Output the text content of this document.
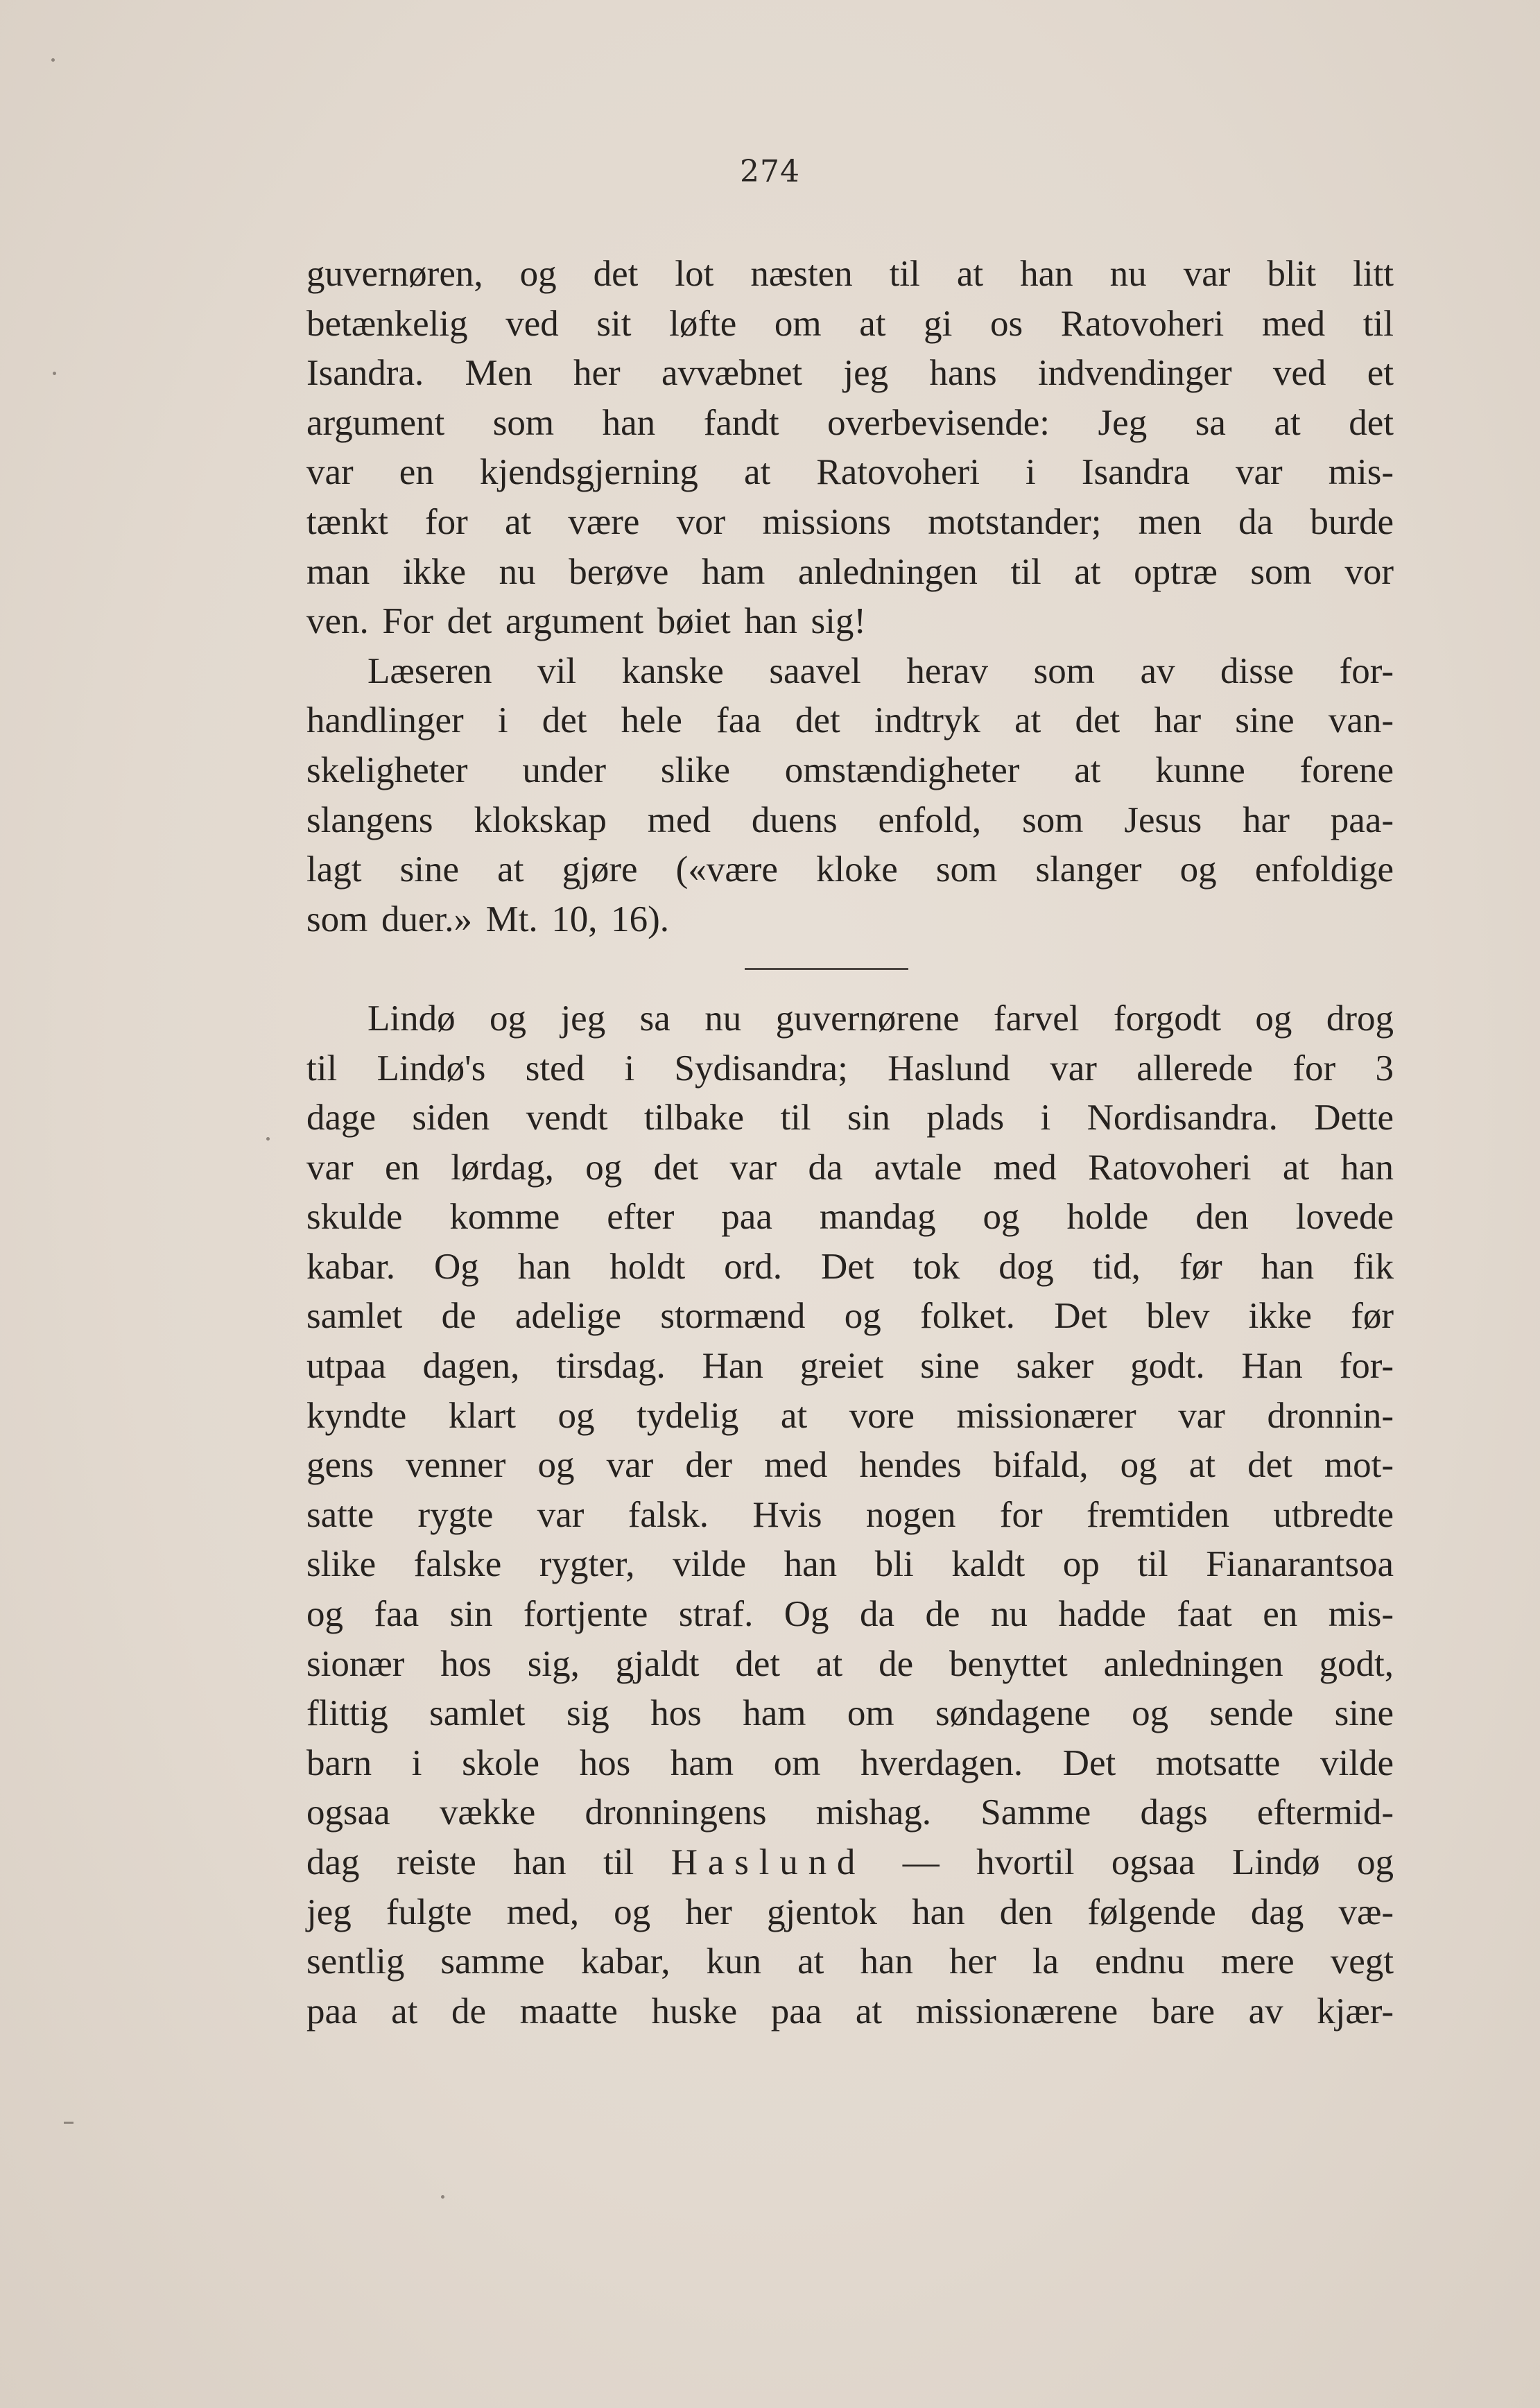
274
guvernøren, og det lot næsten til at han nu var blit litt
betænkelig ved sit løfte om at gi os Ratovoheri med til
Isandra. Men her avvæbnet jeg hans indvendinger ved et
argument som han fandt overbevisende: Jeg sa at det
var en kjendsgjerning at Ratovoheri i Isandra var mis-
tænkt for at være vor missions motstander; men da burde
man ikke nu berøve ham anledningen til at optræ som vor
ven. For det argument bøiet han sig!
Læseren vil kanske saavel herav som av disse for-
handlinger i det hele faa det indtryk at det har sine van-
skeligheter under slike omstændigheter at kunne forene
slangens klokskap med duens enfold, som Jesus har paa-
lagt sine at gjøre («være kloke som slanger og enfoldige
som duer.» Mt. 10, 16).
Lindø og jeg sa nu guvernørene farvel forgodt og drog
til Lindø's sted i Sydisandra; Haslund var allerede for 3
dage siden vendt tilbake til sin plads i Nordisandra. Dette
var en lørdag, og det var da avtale med Ratovoheri at han
skulde komme efter paa mandag og holde den lovede
kabar. Og han holdt ord. Det tok dog tid, før han fik
samlet de adelige stormænd og folket. Det blev ikke før
utpaa dagen, tirsdag. Han greiet sine saker godt. Han for-
kyndte klart og tydelig at vore missionærer var dronnin-
gens venner og var der med hendes bifald, og at det mot-
satte rygte var falsk. Hvis nogen for fremtiden utbredte
slike falske rygter, vilde han bli kaldt op til Fianarantsoa
og faa sin fortjente straf. Og da de nu hadde faat en mis-
sionær hos sig, gjaldt det at de benyttet anledningen godt,
flittig samlet sig hos ham om søndagene og sende sine
barn i skole hos ham om hverdagen. Det motsatte vilde
ogsaa vække dronningens mishag. Samme dags eftermid-
dag reiste han til Haslund — hvortil ogsaa Lindø og
jeg fulgte med, og her gjentok han den følgende dag væ-
sentlig samme kabar, kun at han her la endnu mere vegt
paa at de maatte huske paa at missionærene bare av kjær-
